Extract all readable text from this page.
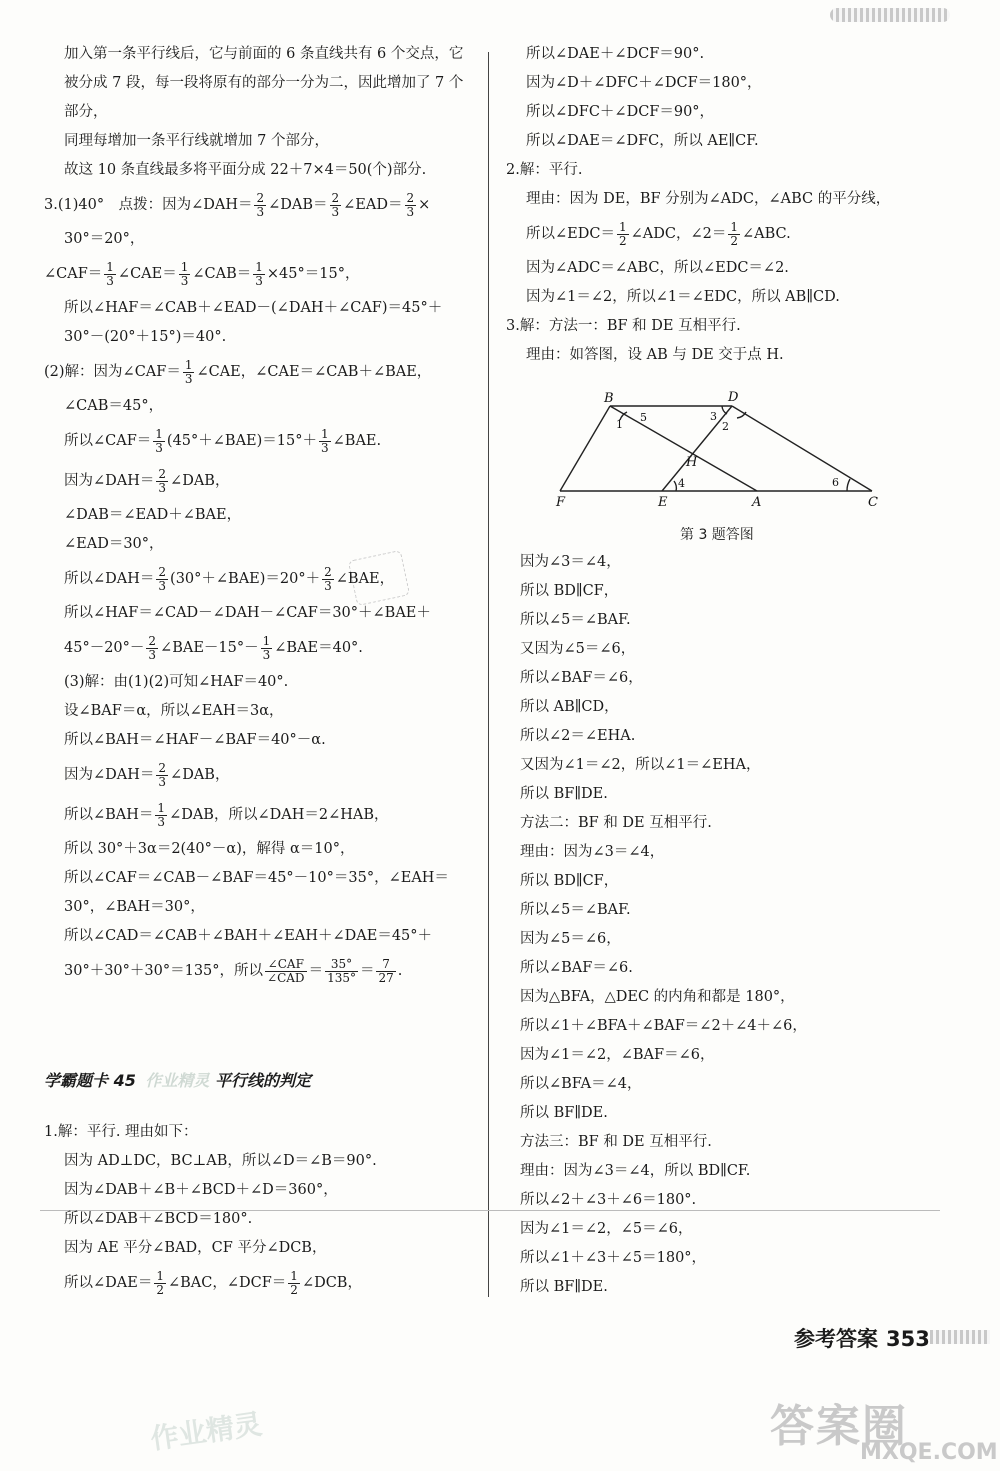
加入第一条平行线后，它与前面的 6 条直线共有 6 个交点，它
被分成 7 段，每一段将原有的部分一分为二，因此增加了 7 个
部分，
同理每增加一条平行线就增加 7 个部分，
故这 10 条直线最多将平面分成 22＋7×4＝50(个)部分.
3.(1)40°　点拨：因为∠DAH＝ $\frac{2}{3}$ ∠DAB＝ $\frac{2}{3}$ ∠EAD＝ $\frac{2}{3}$ ×
30°＝20°，
∠CAF＝ $\frac{1}{3}$ ∠CAE＝ $\frac{1}{3}$ ∠CAB＝ $\frac{1}{3} \times 45^\circ=15^\circ$，
所以∠HAF＝∠CAB＋∠EAD－(∠DAH＋∠CAF)＝45°＋
30°－(20°＋15°)＝40°.
(2)解：因为∠CAF＝ $\frac{1}{3}$ ∠CAE，∠CAE＝∠CAB＋∠BAE，
∠CAB＝45°，
所以∠CAF＝ $\frac{1}{3}$ (45°＋∠BAE)＝15°＋ $\frac{1}{3}$ ∠BAE.
因为∠DAH＝ $\frac{2}{3}$ ∠DAB，
∠DAB＝∠EAD＋∠BAE，
∠EAD＝30°，
所以∠DAH＝ $\frac{2}{3}$ (30°＋∠BAE)＝20°＋ $\frac{2}{3}$ ∠BAE，
所以∠HAF＝∠CAD－∠DAH－∠CAF＝30°＋∠BAE＋
$45^\circ-20^\circ- \frac{2}{3}$ ∠BAE－15°－ $\frac{1}{3}$ ∠BAE＝40°.
(3)解：由(1)(2)可知∠HAF＝40°.
设∠BAF＝α，所以∠EAH＝3α，
所以∠BAH＝∠HAF－∠BAF＝40°－α.
因为∠DAH＝ $\frac{2}{3}$ ∠DAB，
所以∠BAH＝ $\frac{1}{3}$ ∠DAB，所以∠DAH＝2∠HAB，
所以 30°＋3α＝2(40°－α)，解得 α＝10°，
所以∠CAF＝∠CAB－∠BAF＝45°－10°＝35°，∠EAH＝
30°，∠BAH＝30°，
所以∠CAD＝∠CAB＋∠BAH＋∠EAH＋∠DAE＝45°＋
30°＋30°＋30°＝135°，所以 $\frac{\text{∠CAF}}{\text{∠CAD}} = \frac{35^\circ}{135^\circ} = \frac{7}{27}$ .
学霸题卡 45 作业精灵 平行线的判定
1.解：平行. 理由如下：
因为 AD⊥DC，BC⊥AB，所以∠D＝∠B＝90°.
因为∠DAB＋∠B＋∠BCD＋∠D＝360°，
所以∠DAB＋∠BCD＝180°.
因为 AE 平分∠BAD，CF 平分∠DCB，
所以∠DAE＝ $\frac{1}{2}$ ∠BAC，∠DCF＝ $\frac{1}{2}$ ∠DCB，
所以∠DAE＋∠DCF＝90°.
因为∠D＋∠DFC＋∠DCF＝180°，
所以∠DFC＋∠DCF＝90°，
所以∠DAE＝∠DFC，所以 AE∥CF.
2.解：平行.
理由：因为 DE，BF 分别为∠ADC，∠ABC 的平分线，
所以∠EDC＝ $\frac{1}{2}$ ∠ADC，∠2＝ $\frac{1}{2}$ ∠ABC.
因为∠ADC＝∠ABC，所以∠EDC＝∠2.
因为∠1＝∠2，所以∠1＝∠EDC，所以 AB∥CD.
3.解：方法一：BF 和 DE 互相平行.
理由：如答图，设 AB 与 DE 交于点 H.
B	D
F	E	A	C
H
1	2
3
4
5
6
第 3 题答图
因为∠3＝∠4，
所以 BD∥CF，
所以∠5＝∠BAF.
又因为∠5＝∠6，
所以∠BAF＝∠6，
所以 AB∥CD，
所以∠2＝∠EHA.
又因为∠1＝∠2，所以∠1＝∠EHA，
所以 BF∥DE.
方法二：BF 和 DE 互相平行.
理由：因为∠3＝∠4，
所以 BD∥CF，
所以∠5＝∠BAF.
因为∠5＝∠6，
所以∠BAF＝∠6.
因为△BFA，△DEC 的内角和都是 180°，
所以∠1＋∠BFA＋∠BAF＝∠2＋∠4＋∠6，
因为∠1＝∠2，∠BAF＝∠6，
所以∠BFA＝∠4，
所以 BF∥DE.
方法三：BF 和 DE 互相平行.
理由：因为∠3＝∠4，所以 BD∥CF.
所以∠2＋∠3＋∠6＝180°.
因为∠1＝∠2，∠5＝∠6，
所以∠1＋∠3＋∠5＝180°，
所以 BF∥DE.
参考答案 353
作业精灵	答案圈
MXQE.COM
